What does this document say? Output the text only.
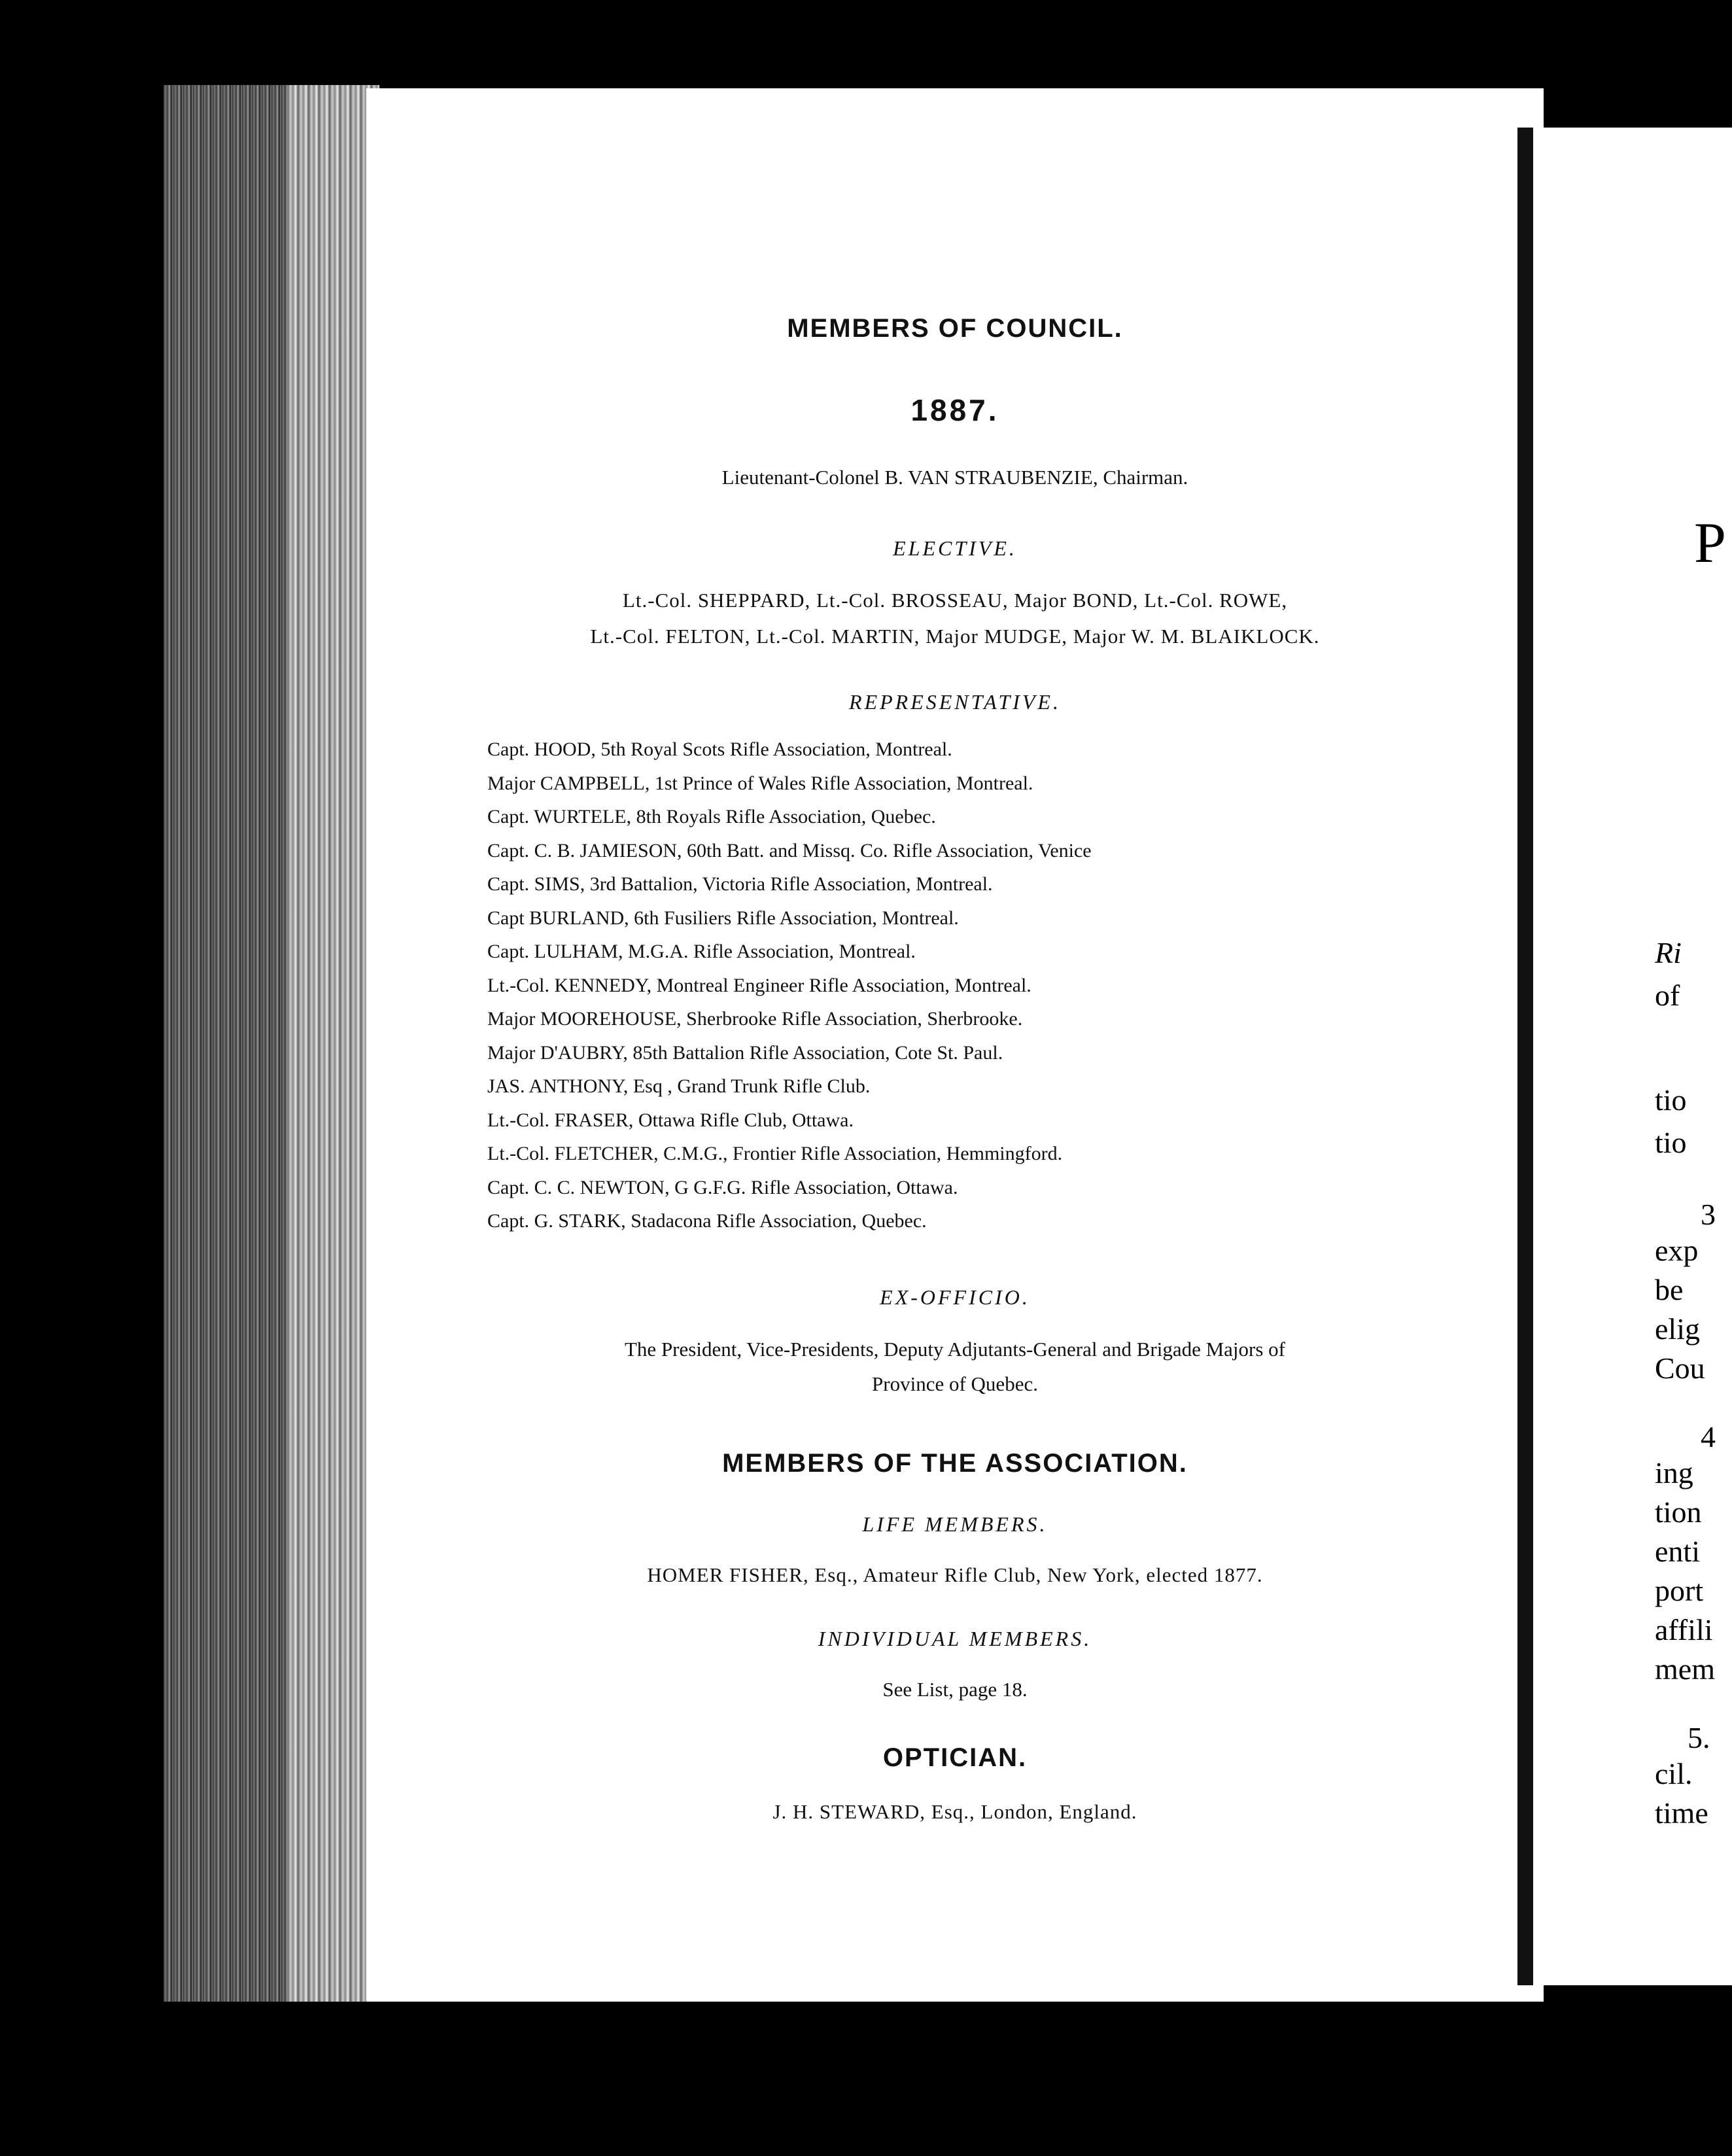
P
Ri
of
tio
tio
3
exp
be
elig
Cou
4
ing
tion
enti
port
affili
mem
5.
cil.
time
MEMBERS OF COUNCIL.
1887.
Lieutenant-Colonel B. VAN STRAUBENZIE, Chairman.
ELECTIVE.
Lt.-Col. SHEPPARD, Lt.-Col. BROSSEAU, Major BOND, Lt.-Col. ROWE,
Lt.-Col. FELTON, Lt.-Col. MARTIN, Major MUDGE, Major W. M. BLAIKLOCK.
REPRESENTATIVE.
Capt. HOOD, 5th Royal Scots Rifle Association, Montreal.
Major CAMPBELL, 1st Prince of Wales Rifle Association, Montreal.
Capt. WURTELE, 8th Royals Rifle Association, Quebec.
Capt. C. B. JAMIESON, 60th Batt. and Missq. Co. Rifle Association, Venice
Capt. SIMS, 3rd Battalion, Victoria Rifle Association, Montreal.
Capt BURLAND, 6th Fusiliers Rifle Association, Montreal.
Capt. LULHAM, M.G.A. Rifle Association, Montreal.
Lt.-Col. KENNEDY, Montreal Engineer Rifle Association, Montreal.
Major MOOREHOUSE, Sherbrooke Rifle Association, Sherbrooke.
Major D'AUBRY, 85th Battalion Rifle Association, Cote St. Paul.
JAS. ANTHONY, Esq , Grand Trunk Rifle Club.
Lt.-Col. FRASER, Ottawa Rifle Club, Ottawa.
Lt.-Col. FLETCHER, C.M.G., Frontier Rifle Association, Hemmingford.
Capt. C. C. NEWTON, G G.F.G. Rifle Association, Ottawa.
Capt. G. STARK, Stadacona Rifle Association, Quebec.
EX-OFFICIO.
The President, Vice-Presidents, Deputy Adjutants-General and Brigade Majors of
Province of Quebec.
MEMBERS OF THE ASSOCIATION.
LIFE MEMBERS.
HOMER FISHER, Esq., Amateur Rifle Club, New York, elected 1877.
INDIVIDUAL MEMBERS.
See List, page 18.
OPTICIAN.
J. H. STEWARD, Esq., London, England.
